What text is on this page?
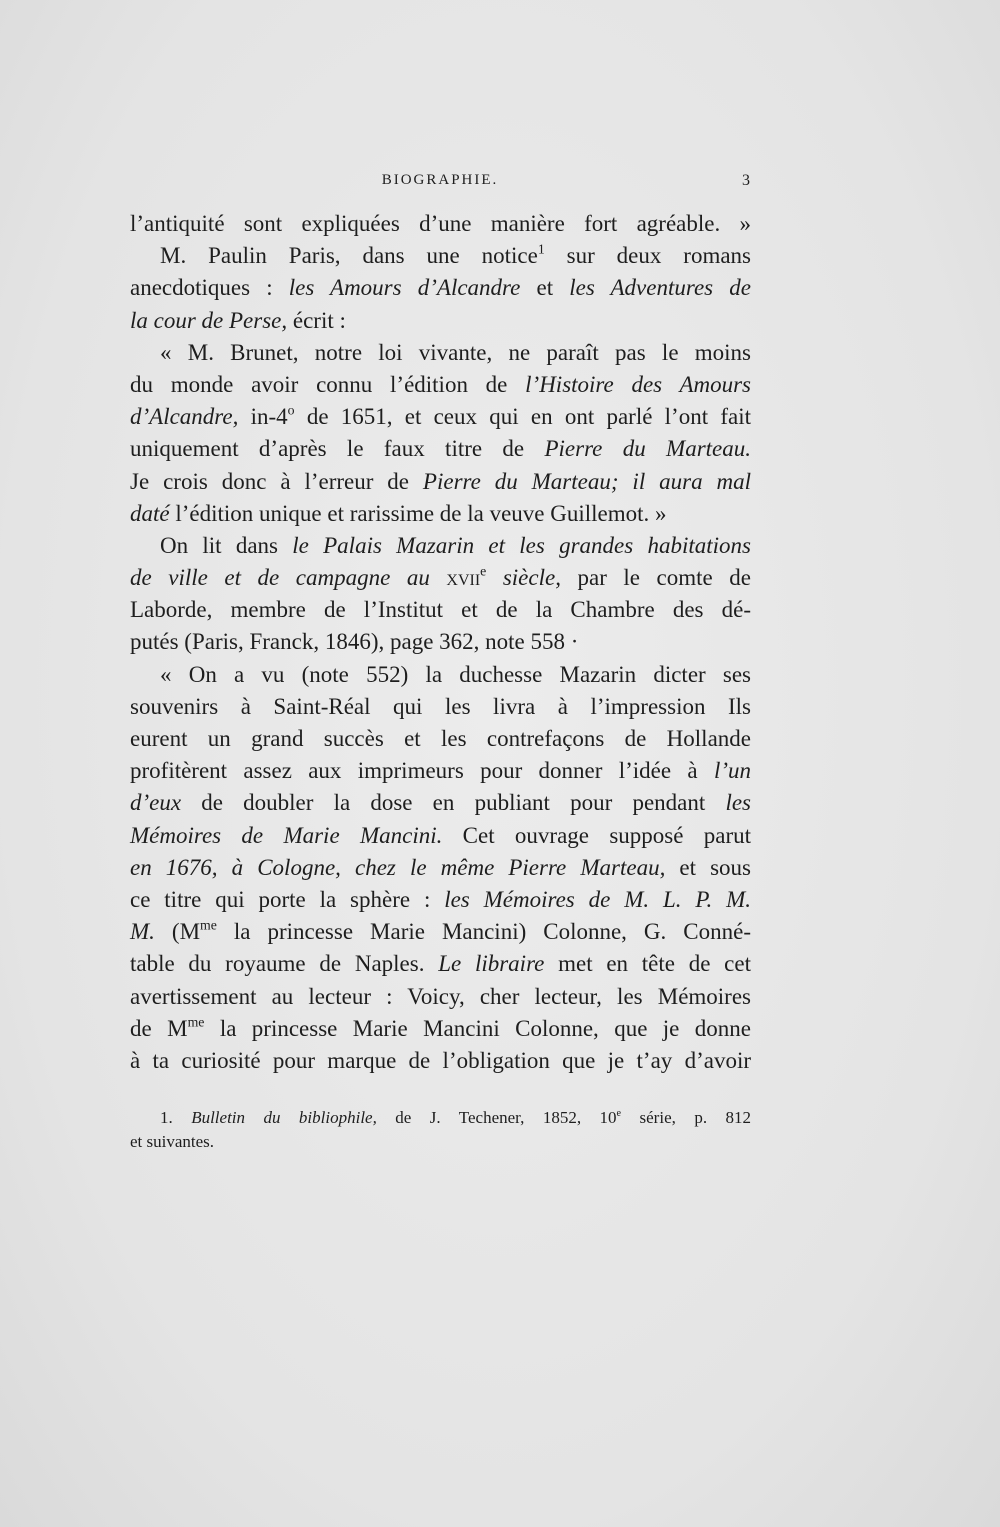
BIOGRAPHIE.	3
l’antiquité sont expliquées d’une manière fort agréable. »
M. Paulin Paris, dans une notice$^1$ sur deux romans
anecdotiques : les Amours d’Alcandre et les Adventures de
la cour de Perse, écrit :
« M. Brunet, notre loi vivante, ne paraît pas le moins
du monde avoir connu l’édition de l’Histoire des Amours
d’Alcandre, in-4$^o$ de 1651, et ceux qui en ont parlé l’ont fait
uniquement d’après le faux titre de Pierre du Marteau.
Je crois donc à l’erreur de Pierre du Marteau; il aura mal
daté l’édition unique et rarissime de la veuve Guillemot. »
On lit dans le Palais Mazarin et les grandes habitations
de ville et de campagne au xvii$^e$ siècle, par le comte de
Laborde, membre de l’Institut et de la Chambre des dé-
putés (Paris, Franck, 1846), page 362, note 558 ·
« On a vu (note 552) la duchesse Mazarin dicter ses
souvenirs à Saint-Réal qui les livra à l’impression Ils
eurent un grand succès et les contrefaçons de Hollande
profitèrent assez aux imprimeurs pour donner l’idée à l’un
d’eux de doubler la dose en publiant pour pendant les
Mémoires de Marie Mancini. Cet ouvrage supposé parut
en 1676, à Cologne, chez le même Pierre Marteau, et sous
ce titre qui porte la sphère : les Mémoires de M. L. P. M.
M. ($M^{me}$ la princesse Marie Mancini) Colonne, G. Conné-
table du royaume de Naples. Le libraire met en tête de cet
avertissement au lecteur : Voicy, cher lecteur, les Mémoires
de $M^{me}$ la princesse Marie Mancini Colonne, que je donne
à ta curiosité pour marque de l’obligation que je t’ay d’avoir
1. Bulletin du bibliophile, de J. Techener, 1852, 10e série, p. 812
et suivantes.
